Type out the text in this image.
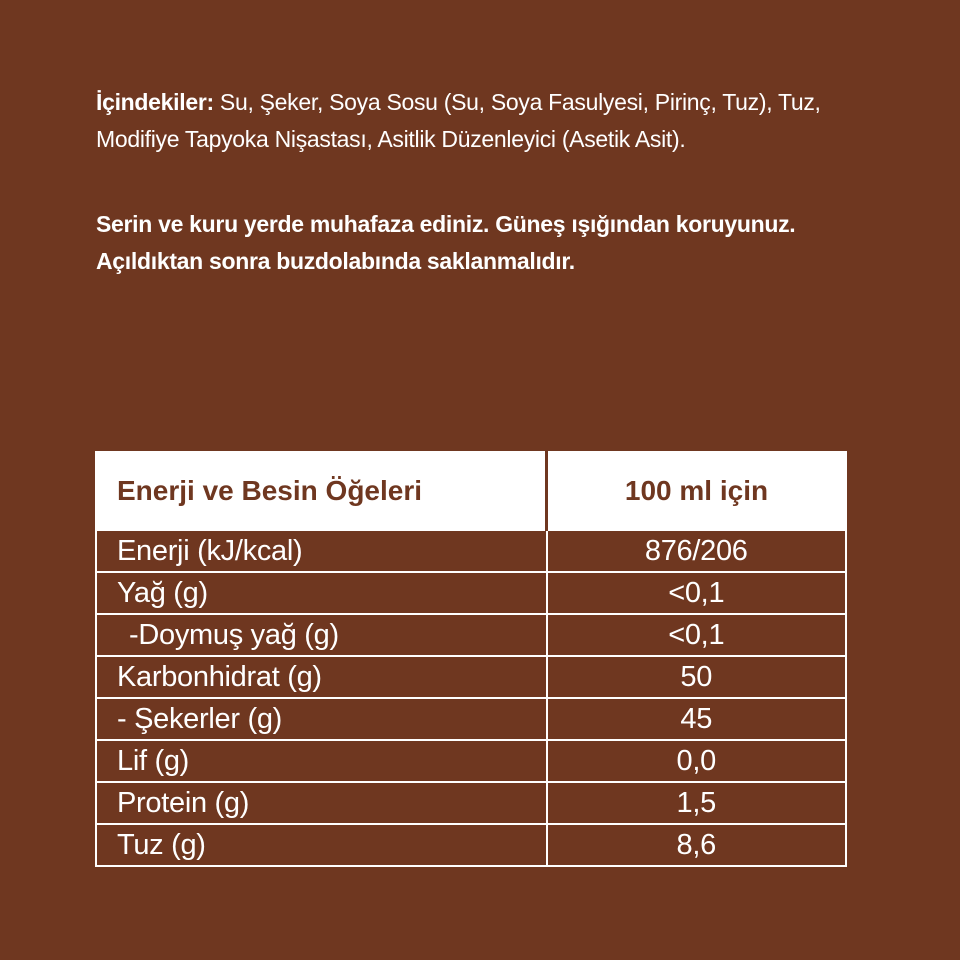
İçindekiler: Su, Şeker, Soya Sosu (Su, Soya Fasulyesi, Pirinç, Tuz), Tuz, Modifiye Tapyoka Nişastası, Asitlik Düzenleyici (Asetik Asit).
Serin ve kuru yerde muhafaza ediniz. Güneş ışığından koruyunuz.
Açıldıktan sonra buzdolabında saklanmalıdır.
Enerji ve Besin Öğeleri	100 ml için
Enerji (kJ/kcal)	876/206
Yağ (g)	<0,1
-Doymuş yağ (g)	<0,1
Karbonhidrat (g)	50
- Şekerler (g)	45
Lif (g)	0,0
Protein (g)	1,5
Tuz (g)	8,6
